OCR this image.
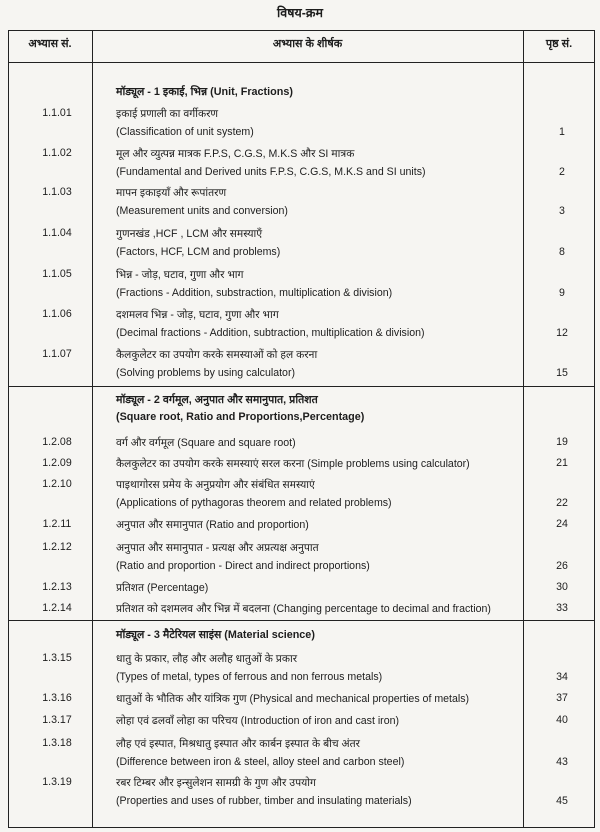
विषय-क्रम
अभ्यास सं.	अभ्यास के शीर्षक	पृष्ठ सं.
मॉड्यूल - 1 इकाई, भिन्न (Unit, Fractions)
1.1.01	इकाई प्रणाली का वर्गीकरण
(Classification of unit system)	1
1.1.02	मूल और व्युत्पन्न मात्रक F.P.S, C.G.S, M.K.S और SI मात्रक
(Fundamental and Derived units F.P.S, C.G.S, M.K.S and SI units)	2
1.1.03	मापन इकाइयाँ और रूपांतरण
(Measurement units and conversion)	3
1.1.04	गुणनखंड ,HCF , LCM और समस्याएँ
(Factors, HCF, LCM and problems)	8
1.1.05	भिन्न - जोड़, घटाव, गुणा और भाग
(Fractions - Addition, substraction, multiplication & division)	9
1.1.06	दशमलव भिन्न - जोड़, घटाव, गुणा और भाग
(Decimal fractions - Addition, subtraction, multiplication & division)	12
1.1.07	कैलकुलेटर का उपयोग करके समस्याओं को हल करना
(Solving problems by using calculator)	15
मॉड्यूल - 2 वर्गमूल, अनुपात और समानुपात, प्रतिशत
(Square root, Ratio and Proportions,Percentage)
1.2.08	वर्ग और वर्गमूल (Square and square root)	19
1.2.09	कैलकुलेटर का उपयोग करके समस्याएं सरल करना (Simple problems using calculator)	21
1.2.10	पाइथागोरस प्रमेय के अनुप्रयोग और संबंधित समस्याएं
(Applications of pythagoras theorem and related problems)	22
1.2.11	अनुपात और समानुपात (Ratio and proportion)	24
1.2.12	अनुपात और समानुपात - प्रत्यक्ष और अप्रत्यक्ष अनुपात
(Ratio and proportion - Direct and indirect proportions)	26
1.2.13	प्रतिशत (Percentage)	30
1.2.14	प्रतिशत को दशमलव और भिन्न में बदलना (Changing percentage to decimal and fraction)	33
मॉड्यूल - 3 मैटेरियल साइंस (Material science)
1.3.15	धातु के प्रकार, लौह और अलौह धातुओं के प्रकार
(Types of metal, types of ferrous and non ferrous metals)	34
1.3.16	धातुओं के भौतिक और यांत्रिक गुण (Physical and mechanical properties of metals)	37
1.3.17	लोहा एवं ढलवाँ लोहा का परिचय (Introduction of iron and cast iron)	40
1.3.18	लौह एवं इस्पात, मिश्रधातु इस्पात और कार्बन इस्पात के बीच अंतर
(Difference between iron & steel, alloy steel and carbon steel)	43
1.3.19	रबर टिम्बर और इन्सुलेशन सामग्री के गुण और उपयोग
(Properties and uses of rubber, timber and insulating materials)	45
